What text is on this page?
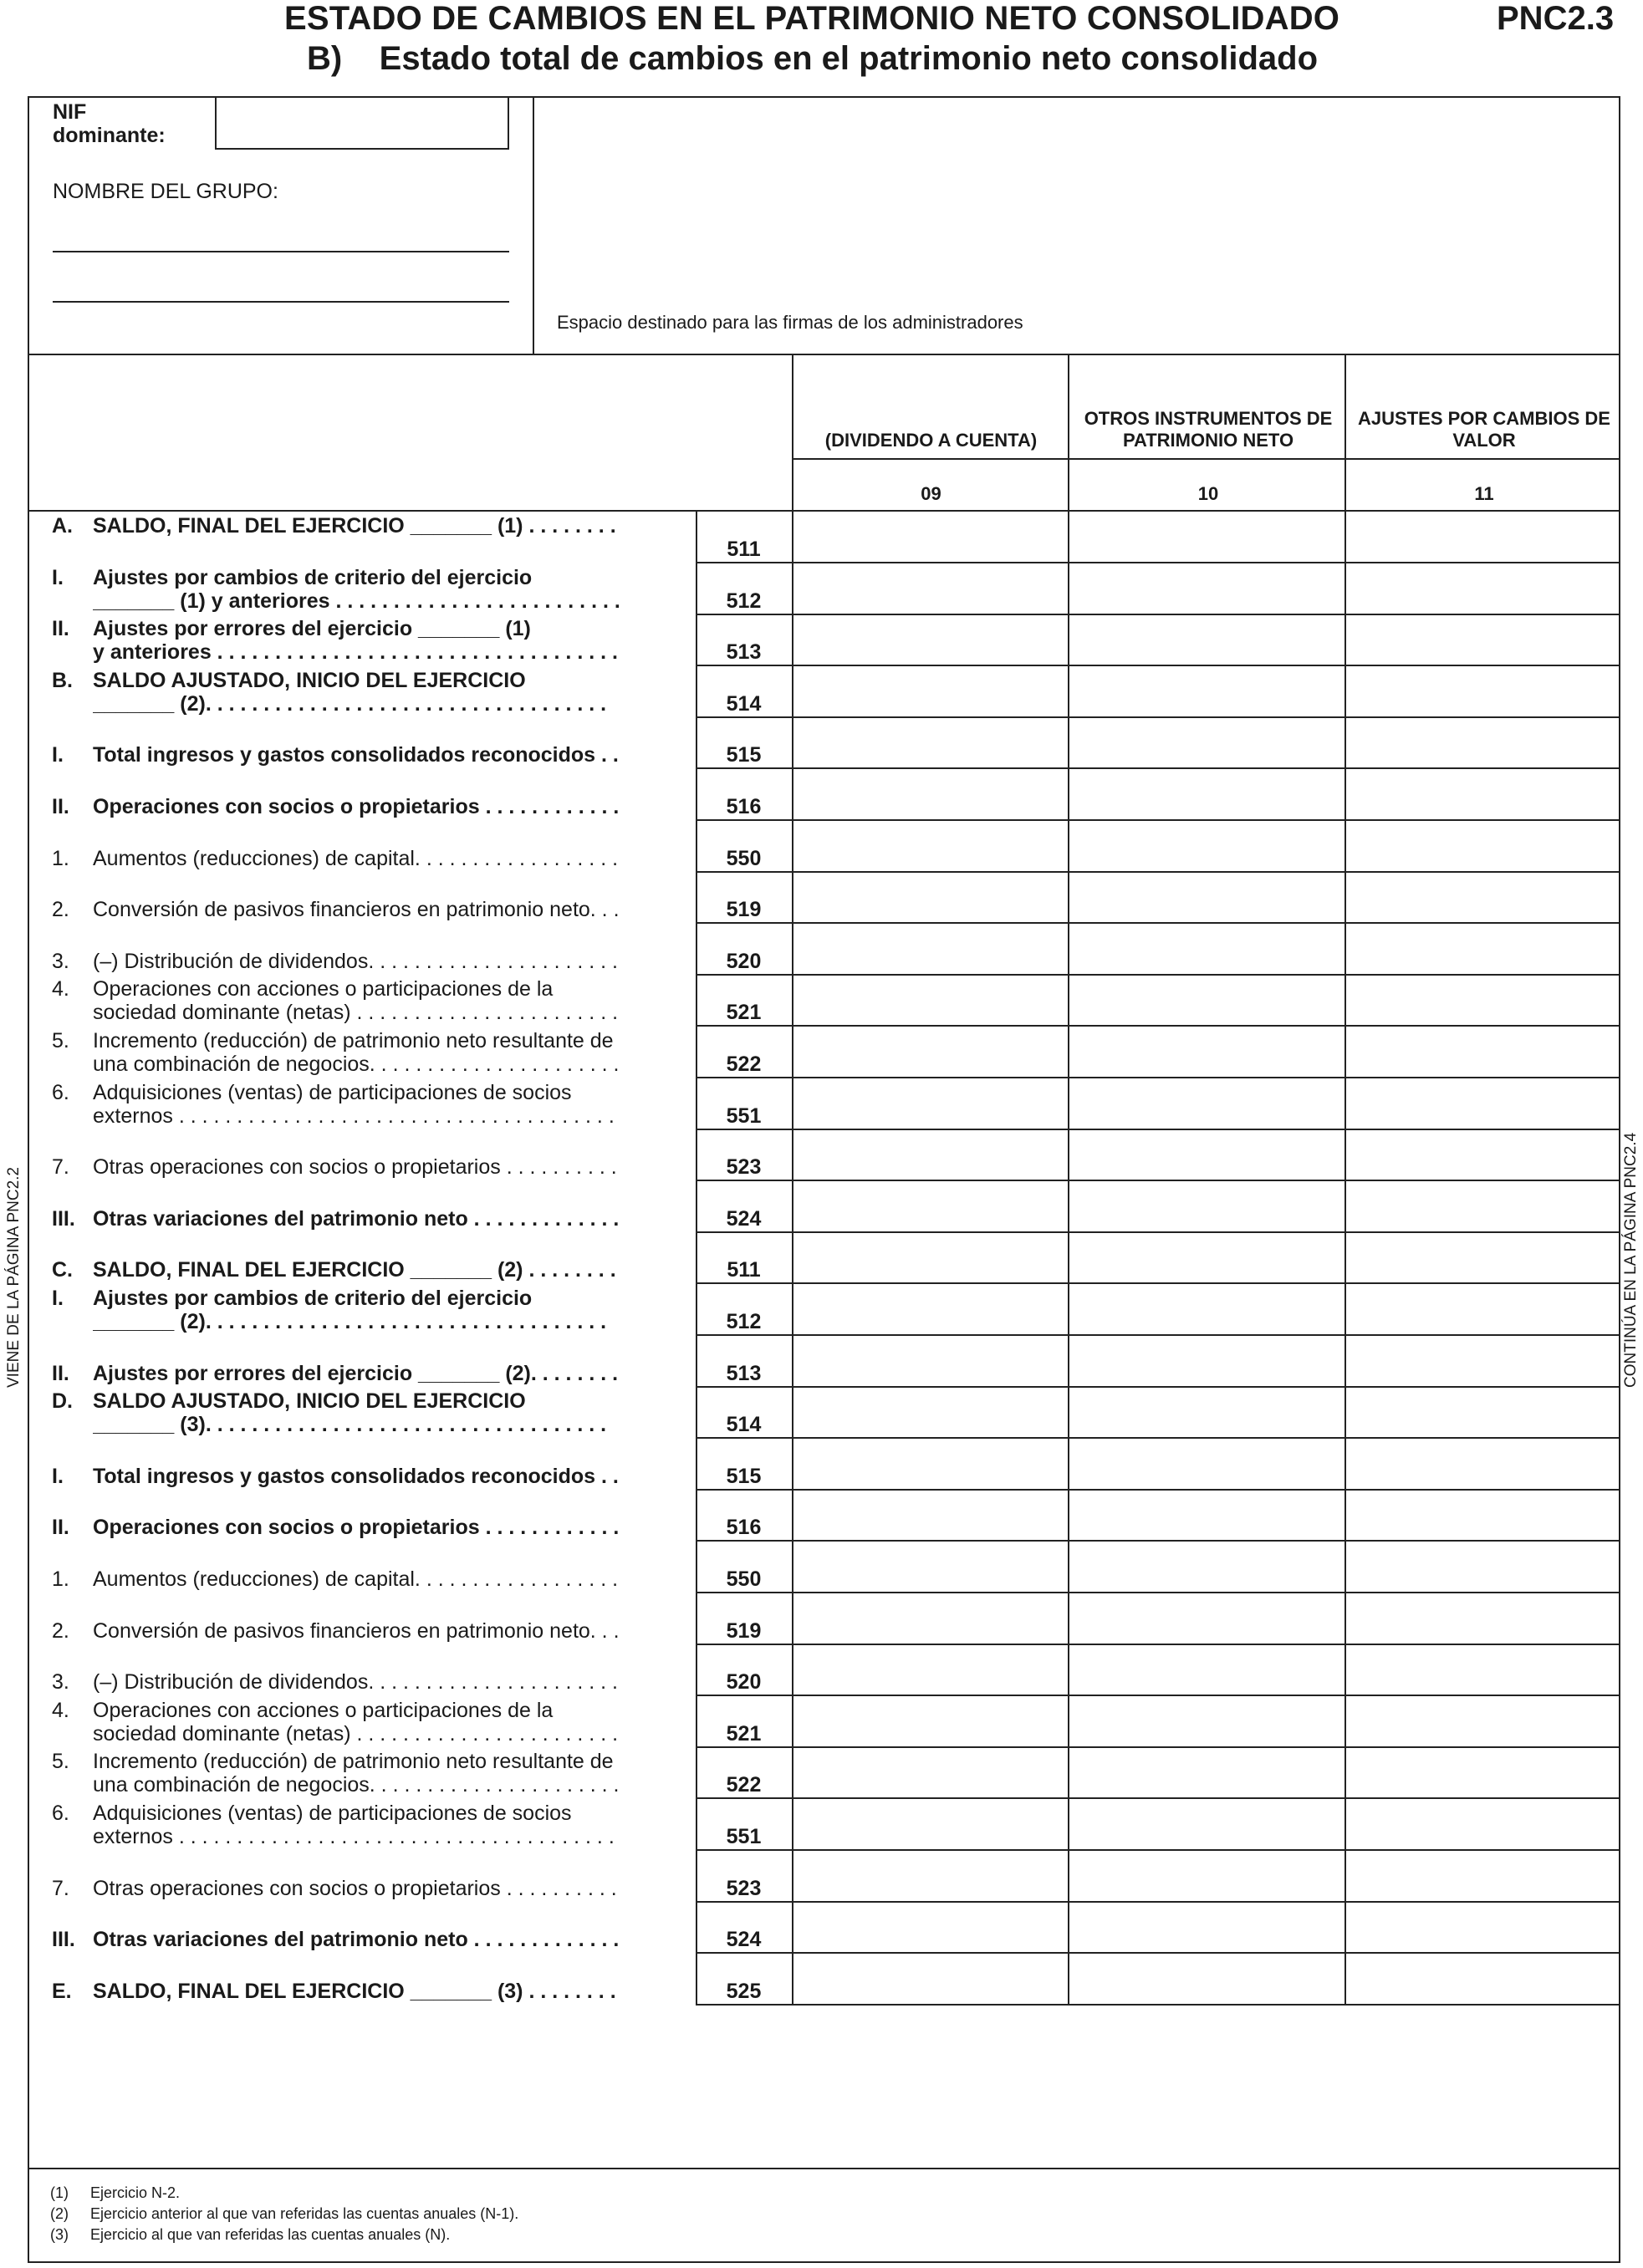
ESTADO DE CAMBIOS EN EL PATRIMONIO NETO CONSOLIDADO
B)    Estado total de cambios en el patrimonio neto consolidado
PNC2.3
NIF
dominante:
NOMBRE DEL GRUPO:
Espacio destinado para las firmas de los administradores
(DIVIDENDO A CUENTA)
OTROS INSTRUMENTOS DE PATRIMONIO NETO
AJUSTES POR CAMBIOS DE VALOR
09	10	11
A. SALDO, FINAL DEL EJERCICIO _______ (1) . . . . . . . .
511
I.	Ajustes por cambios de criterio del ejercicio
_______ (1) y anteriores . . . . . . . . . . . . . . . . . . . . . . . . .	512
II.	Ajustes por errores del ejercicio _______ (1)
y anteriores . . . . . . . . . . . . . . . . . . . . . . . . . . . . . . . . . . .	513
B. SALDO AJUSTADO, INICIO DEL EJERCICIO
_______ (2). . . . . . . . . . . . . . . . . . . . . . . . . . . . . . . . . . .	514
I.
	Total ingresos y gastos consolidados reconocidos . .	515
II.
	Operaciones con socios o propietarios . . . . . . . . . . . .	516
1.
	Aumentos (reducciones) de capital. . . . . . . . . . . . . . . . . .	550
2.
	Conversión de pasivos financieros en patrimonio neto. . .	519
3.
	(–) Distribución de dividendos. . . . . . . . . . . . . . . . . . . . . .	520
4.	Operaciones con acciones o participaciones de la
sociedad dominante (netas) . . . . . . . . . . . . . . . . . . . . . . .	521
5.	Incremento (reducción) de patrimonio neto resultante de
una combinación de negocios. . . . . . . . . . . . . . . . . . . . . .	522
6.	Adquisiciones (ventas) de participaciones de socios
externos . . . . . . . . . . . . . . . . . . . . . . . . . . . . . . . . . . . . . .	551
7.
	Otras operaciones con socios o propietarios . . . . . . . . . .	523
III.
Otras variaciones del patrimonio neto . . . . . . . . . . . . .	524
C.
SALDO, FINAL DEL EJERCICIO _______ (2) . . . . . . . .	511
I.	Ajustes por cambios de criterio del ejercicio
_______ (2). . . . . . . . . . . . . . . . . . . . . . . . . . . . . . . . . . .	512
II.
	Ajustes por errores del ejercicio _______ (2). . . . . . . .	513
D. SALDO AJUSTADO, INICIO DEL EJERCICIO
_______ (3). . . . . . . . . . . . . . . . . . . . . . . . . . . . . . . . . . .	514
I.
	Total ingresos y gastos consolidados reconocidos . .	515
II.
	Operaciones con socios o propietarios . . . . . . . . . . . .	516
1.
	Aumentos (reducciones) de capital. . . . . . . . . . . . . . . . . .	550
2.
	Conversión de pasivos financieros en patrimonio neto. . .	519
3.
	(–) Distribución de dividendos. . . . . . . . . . . . . . . . . . . . . .	520
4.	Operaciones con acciones o participaciones de la
sociedad dominante (netas) . . . . . . . . . . . . . . . . . . . . . . .	521
5.	Incremento (reducción) de patrimonio neto resultante de
una combinación de negocios. . . . . . . . . . . . . . . . . . . . . .	522
6.	Adquisiciones (ventas) de participaciones de socios
externos . . . . . . . . . . . . . . . . . . . . . . . . . . . . . . . . . . . . . .	551
7.
	Otras operaciones con socios o propietarios . . . . . . . . . .	523
III.
Otras variaciones del patrimonio neto . . . . . . . . . . . . .	524
E.
	SALDO, FINAL DEL EJERCICIO _______ (3) . . . . . . . .	525
VIENE DE LA PÁGINA PNC2.2	CONTINÚA EN LA PÁGINA PNC2.4
(1) Ejercicio N-2.
(2) Ejercicio anterior al que van referidas las cuentas anuales (N-1).
(3) Ejercicio al que van referidas las cuentas anuales (N).
